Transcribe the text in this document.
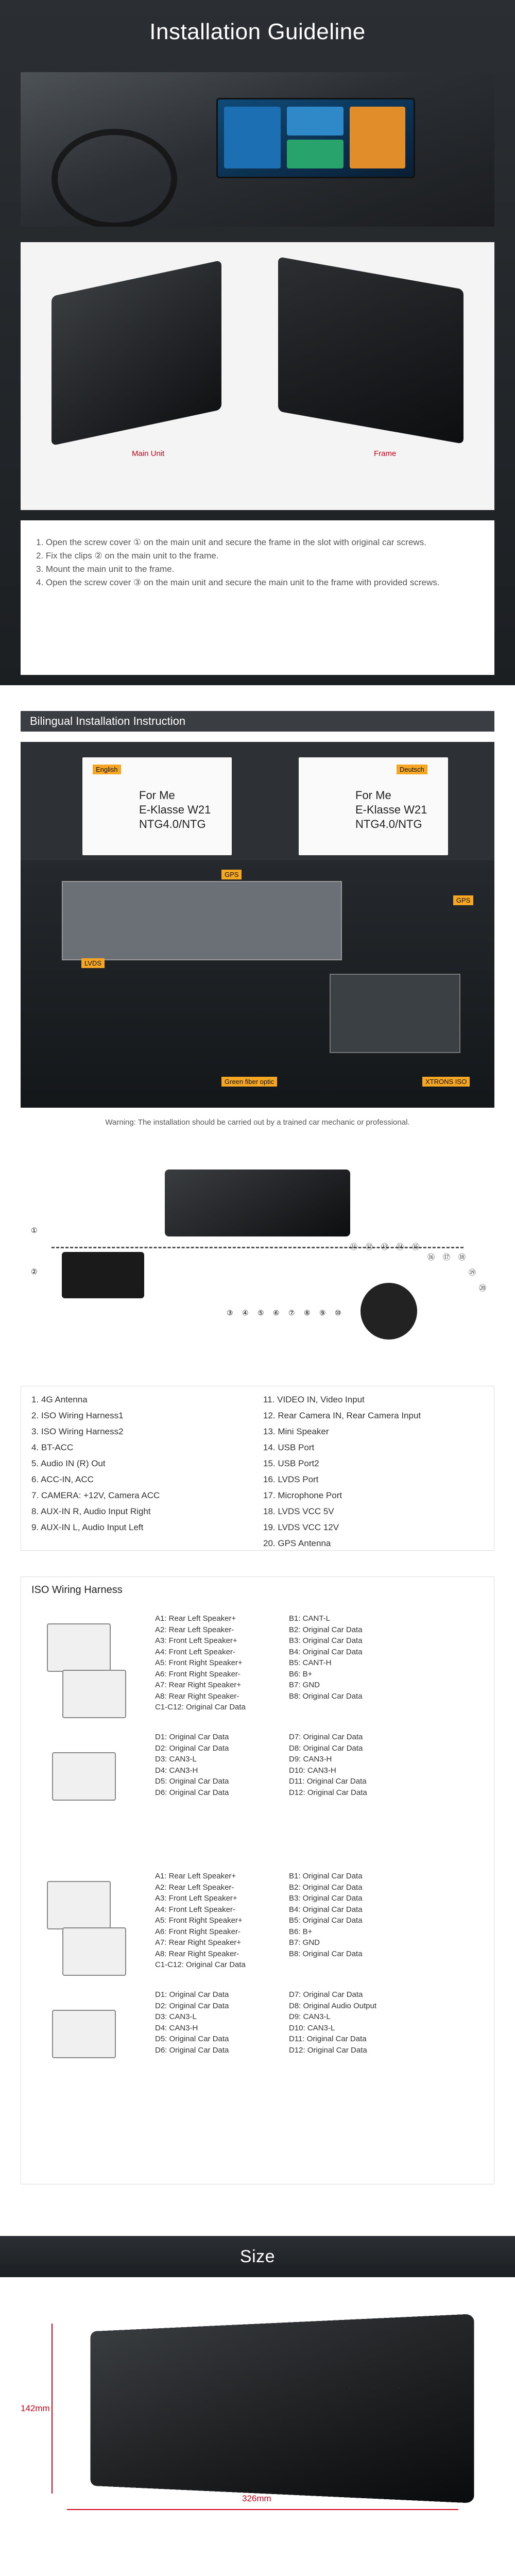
Installation Guideline
Main Unit	Frame
1. Open the screw cover ① on the main unit and secure the frame in the slot with original car screws.
2. Fix the clips ② on the main unit to the frame.
3. Mount the main unit to the frame.
4. Open the screw cover ③ on the main unit and secure the main unit to the frame with provided screws.
Bilingual Installation Instruction
English
For Me
E-Klasse W21
NTG4.0/NTG
Deutsch
For Me
E-Klasse W21
NTG4.0/NTG
GPS
GPS
LVDS
Green fiber optic	XTRONS ISO
Warning: The installation should be carried out by a trained car mechanic or professional.
①
②
③ ④ ⑤ ⑥ ⑦ ⑧ ⑨ ⑩
⑪ ⑫ ⑬ ⑭ ⑮
⑯ ⑰ ⑱
⑲
⑳
1. 4G Antenna
2. ISO Wiring Harness1
3. ISO Wiring Harness2
4. BT-ACC
5. Audio IN (R) Out
6. ACC-IN, ACC
7. CAMERA: +12V, Camera ACC
8. AUX-IN R, Audio Input Right
9. AUX-IN L, Audio Input Left
11. VIDEO IN, Video Input
12. Rear Camera IN, Rear Camera Input
13. Mini Speaker
14. USB Port
15. USB Port2
16. LVDS Port
17. Microphone Port
18. LVDS VCC 5V
19. LVDS VCC 12V
20. GPS Antenna
ISO Wiring Harness
A1: Rear Left Speaker+
A2: Rear Left Speaker-
A3: Front Left Speaker+
A4: Front Left Speaker-
A5: Front Right Speaker+
A6: Front Right Speaker-
A7: Rear Right Speaker+
A8: Rear Right Speaker-
C1-C12: Original Car Data
B1: CANT-L
B2: Original Car Data
B3: Original Car Data
B4: Original Car Data
B5: CANT-H
B6: B+
B7: GND
B8: Original Car Data
D1: Original Car Data
D2: Original Car Data
D3: CAN3-L
D4: CAN3-H
D5: Original Car Data
D6: Original Car Data
D7: Original Car Data
D8: Original Car Data
D9: CAN3-H
D10: CAN3-H
D11: Original Car Data
D12: Original Car Data
A1: Rear Left Speaker+
A2: Rear Left Speaker-
A3: Front Left Speaker+
A4: Front Left Speaker-
A5: Front Right Speaker+
A6: Front Right Speaker-
A7: Rear Right Speaker+
A8: Rear Right Speaker-
C1-C12: Original Car Data
B1: Original Car Data
B2: Original Car Data
B3: Original Car Data
B4: Original Car Data
B5: Original Car Data
B6: B+
B7: GND
B8: Original Car Data
D1: Original Car Data
D2: Original Car Data
D3: CAN3-L
D4: CAN3-H
D5: Original Car Data
D6: Original Car Data
D7: Original Car Data
D8: Original Audio Output
D9: CAN3-L
D10: CAN3-L
D11: Original Car Data
D12: Original Car Data
Size
142mm
326mm
